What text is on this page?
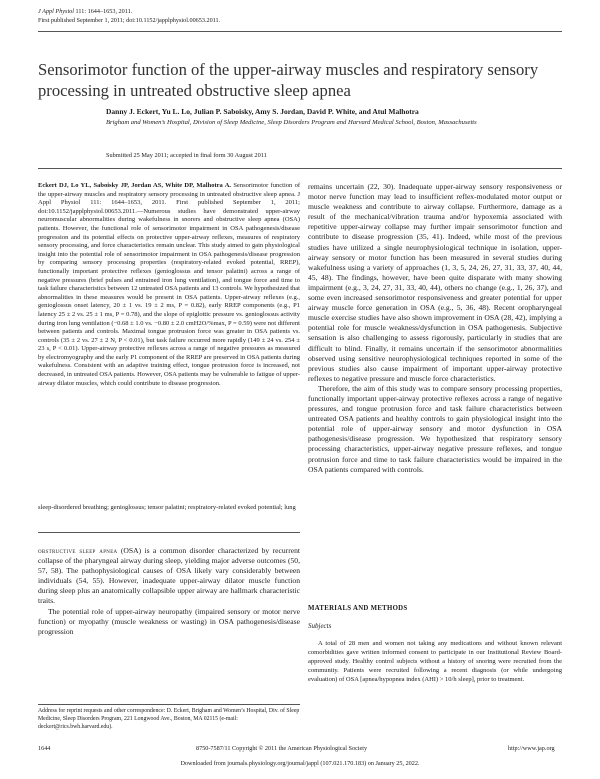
J Appl Physiol 111: 1644–1653, 2011.
First published September 1, 2011; doi:10.1152/japplphysiol.00653.2011.
Sensorimotor function of the upper-airway muscles and respiratory sensory processing in untreated obstructive sleep apnea
Danny J. Eckert, Yu L. Lo, Julian P. Saboisky, Amy S. Jordan, David P. White, and Atul Malhotra
Brigham and Women’s Hospital, Division of Sleep Medicine, Sleep Disorders Program and Harvard Medical School, Boston, Massachusetts
Submitted 25 May 2011; accepted in final form 30 August 2011
Eckert DJ, Lo YL, Saboisky JP, Jordan AS, White DP, Malhotra A. Sensorimotor function of the upper-airway muscles and respiratory sensory processing in untreated obstructive sleep apnea. J Appl Physiol 111: 1644–1653, 2011. First published September 1, 2011; doi:10.1152/japplphysiol.00653.2011.—Numerous studies have demonstrated upper-airway neuromuscular abnormalities during wakefulness in snorers and obstructive sleep apnea (OSA) patients. However, the functional role of sensorimotor impairment in OSA pathogenesis/disease progression and its potential effects on protective upper-airway reflexes, measures of respiratory sensory processing, and force characteristics remain unclear. This study aimed to gain physiological insight into the potential role of sensorimotor impairment in OSA pathogenesis/disease progression by comparing sensory processing properties (respiratory-related evoked potential, RREP), functionally important protective reflexes (genioglossus and tensor palatini) across a range of negative pressures (brief pulses and entrained iron lung ventilation), and tongue force and time to task failure characteristics between 12 untreated OSA patients and 13 controls. We hypothesized that abnormalities in these measures would be present in OSA patients. Upper-airway reflexes (e.g., genioglossus onset latency, 20 ± 1 vs. 19 ± 2 ms, P = 0.82), early RREP components (e.g., P1 latency 25 ± 2 vs. 25 ± 1 ms, P = 0.78), and the slope of epiglottic pressure vs. genioglossus activity during iron lung ventilation (−0.68 ± 1.0 vs. −0.80 ± 2.0 cmH2O/%max, P = 0.59) were not different between patients and controls. Maximal tongue protrusion force was greater in OSA patients vs. controls (35 ± 2 vs. 27 ± 2 N, P < 0.01), but task failure occurred more rapidly (149 ± 24 vs. 254 ± 23 s, P < 0.01). Upper-airway protective reflexes across a range of negative pressures as measured by electromyography and the early P1 component of the RREP are preserved in OSA patients during wakefulness. Consistent with an adaptive training effect, tongue protrusion force is increased, not decreased, in untreated OSA patients. However, OSA patients may be vulnerable to fatigue of upper-airway dilator muscles, which could contribute to disease progression.
sleep-disordered breathing; genioglossus; tensor palatini; respiratory-related evoked potential; lung

obstructive sleep apnea (OSA) is a common disorder characterized by recurrent collapse of the pharyngeal airway during sleep, yielding major adverse outcomes (50, 57, 58). The pathophysiological causes of OSA likely vary considerably between individuals (54, 55). However, inadequate upper-airway dilator muscle function during sleep plus an anatomically collapsible upper airway are hallmark characteristic traits.

The potential role of upper-airway neuropathy (impaired sensory or motor nerve function) or myopathy (muscle weakness or wasting) in OSA pathogenesis/disease progression

remains uncertain (22, 30). Inadequate upper-airway sensory responsiveness or motor nerve function may lead to insufficient reflex-modulated motor output or muscle weakness and contribute to airway collapse. Furthermore, damage as a result of the mechanical/vibration trauma and/or hypoxemia associated with repetitive upper-airway collapse may further impair sensorimotor function and contribute to disease progression (35, 41). Indeed, while most of the previous studies have utilized a single neurophysiological technique in isolation, upper-airway sensory or motor function has been measured in several studies during wakefulness using a variety of approaches (1, 3, 5, 24, 26, 27, 31, 33, 37, 40, 44, 45, 48). The findings, however, have been quite disparate with many showing impairment (e.g., 3, 24, 27, 31, 33, 40, 44), others no change (e.g., 1, 26, 37), and some even increased sensorimotor responsiveness and greater potential for upper airway muscle force generation in OSA (e.g., 5, 36, 48). Recent oropharyngeal muscle exercise studies have also shown improvement in OSA (28, 42), implying a potential role for muscle weakness/dysfunction in OSA pathogenesis. Subjective sensation is also challenging to assess rigorously, particularly in studies that are difficult to blind. Finally, it remains uncertain if the sensorimotor abnormalities observed using sensitive neurophysiological techniques reported in some of the previous studies also cause impairment of important upper-airway protective reflexes to negative pressure and muscle force characteristics.

Therefore, the aim of this study was to compare sensory processing properties, functionally important upper-airway protective reflexes across a range of negative pressures, and tongue protrusion force and task failure characteristics between untreated OSA patients and healthy controls to gain physiological insight into the potential role of upper-airway sensory and motor dysfunction in OSA pathogenesis/disease progression. We hypothesized that respiratory sensory processing characteristics, upper-airway negative pressure reflexes, and tongue protrusion force and time to task failure characteristics would be impaired in the OSA patients compared with controls.

MATERIALS AND METHODS
Subjects
A total of 28 men and women not taking any medications and without known relevant comorbidities gave written informed consent to participate in our Institutional Review Board-approved study. Healthy control subjects without a history of snoring were recruited from the community. Patients were recruited following a recent diagnosis (or while undergoing evaluation) of OSA [apnea/hypopnea index (AHI) > 10/h sleep], prior to treatment.
Address for reprint requests and other correspondence: D. Eckert, Brigham and Women’s Hospital, Div. of Sleep Medicine, Sleep Disorders Program, 221 Longwood Ave., Boston, MA 02115 (e-mail: deckert@rics.bwh.harvard.edu).
1644	8750-7587/11 Copyright © 2011 the American Physiological Society	http://www.jap.org
Downloaded from journals.physiology.org/journal/jappl (107.021.170.183) on January 25, 2022.
